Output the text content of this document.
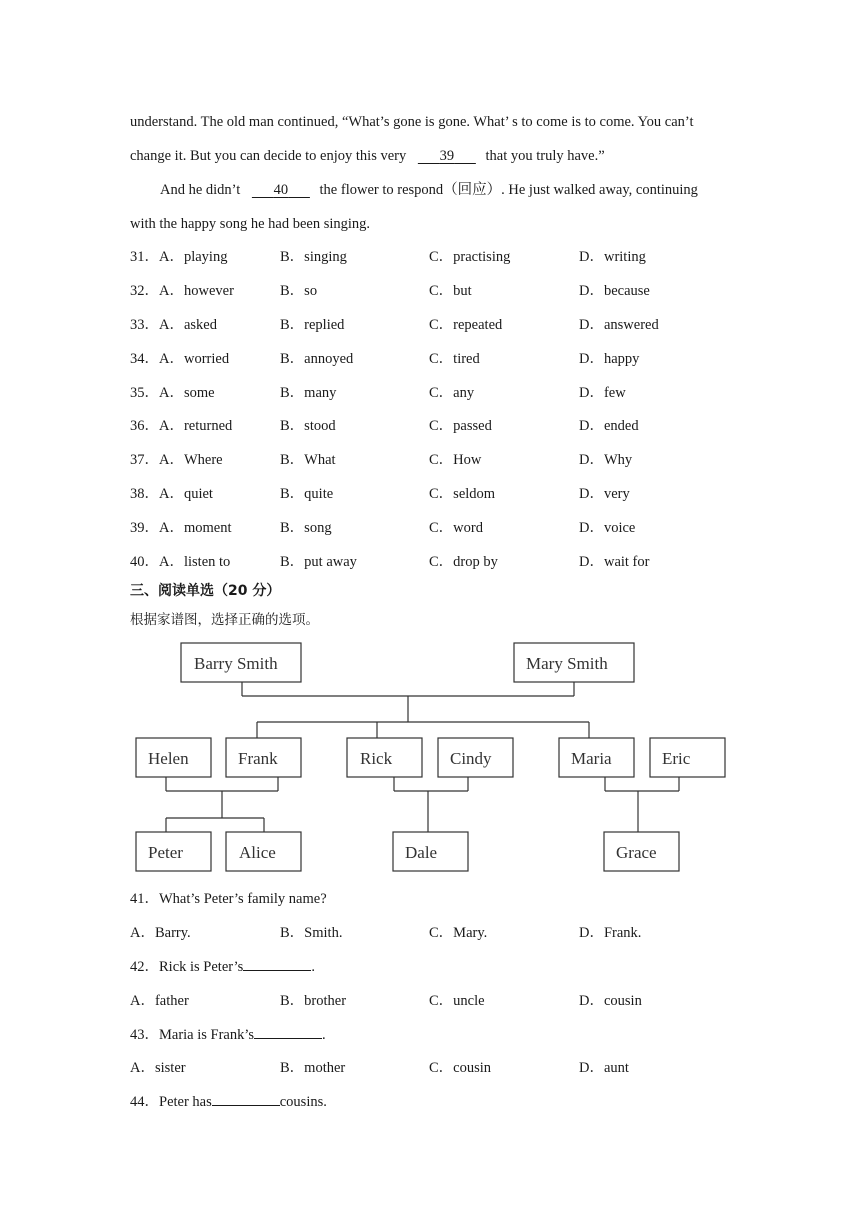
understand. The old man continued, “What’s gone is gone. What’ s to come is to come. You can’t
change it. But you can decide to enjoy this very 39 that you truly have.”
And he didn’t 40 the flower to respond（回应）. He just walked away, continuing
with the happy song he had been singing.
31．A．playing	B．singing	C．practising	D．writing
32．A．however	B．so	C．but	D．because
33．A．asked	B．replied	C．repeated	D．answered
34．A．worried	B．annoyed	C．tired	D．happy
35．A．some	B．many	C．any	D．few
36．A．returned	B．stood	C．passed	D．ended
37．A．Where	B．What	C．How	D．Why
38．A．quiet	B．quite	C．seldom	D．very
39．A．moment	B．song	C．word	D．voice
40．A．listen to	B．put away	C．drop by	D．wait for
三、阅读单选（20 分）
根据家谱图，选择正确的选项。
Barry Smith	Mary Smith
Helen	Frank	Rick	Cindy	Maria	Eric
Peter	Alice	Dale	Grace
41．What’s Peter’s family name?
A．Barry.	B．Smith.	C．Mary.	D．Frank.
42．Rick is Peter’s	.
A．father	B．brother	C．uncle	D．cousin
43．Maria is Frank’s	.
A．sister	B．mother	C．cousin	D．aunt
44．Peter has	cousins.
